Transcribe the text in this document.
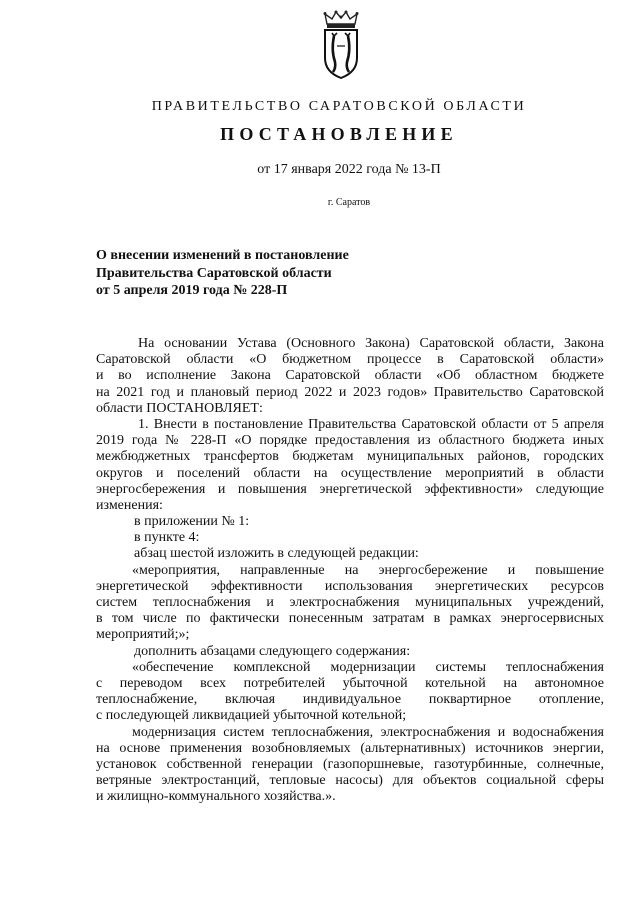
ПРАВИТЕЛЬСТВО САРАТОВСКОЙ ОБЛАСТИ
ПОСТАНОВЛЕНИЕ
от 17 января 2022 года № 13-П
г. Саратов
О внесении изменений в постановление
Правительства Саратовской области
от 5 апреля 2019 года № 228-П
На основании Устава (Основного Закона) Саратовской области, Закона
Саратовской области «О бюджетном процессе в Саратовской области»
и во исполнение Закона Саратовской области «Об областном бюджете
на 2021 год и плановый период 2022 и 2023 годов» Правительство Саратовской
области ПОСТАНОВЛЯЕТ:
1. Внести в постановление Правительства Саратовской области от 5 апреля
2019 года № 228-П «О порядке предоставления из областного бюджета иных
межбюджетных трансфертов бюджетам муниципальных районов, городских
округов и поселений области на осуществление мероприятий в области
энергосбережения и повышения энергетической эффективности» следующие
изменения:
в приложении № 1:
в пункте 4:
абзац шестой изложить в следующей редакции:
«мероприятия, направленные на энергосбережение и повышение
энергетической эффективности использования энергетических ресурсов
систем теплоснабжения и электроснабжения муниципальных учреждений,
в том числе по фактически понесенным затратам в рамках энергосервисных
мероприятий;»;
дополнить абзацами следующего содержания:
«обеспечение комплексной модернизации системы теплоснабжения
с переводом всех потребителей убыточной котельной на автономное
теплоснабжение, включая индивидуальное поквартирное отопление,
с последующей ликвидацией убыточной котельной;
модернизация систем теплоснабжения, электроснабжения и водоснабжения
на основе применения возобновляемых (альтернативных) источников энергии,
установок собственной генерации (газопоршневые, газотурбинные, солнечные,
ветряные электростанций, тепловые насосы) для объектов социальной сферы
и жилищно-коммунального хозяйства.».
